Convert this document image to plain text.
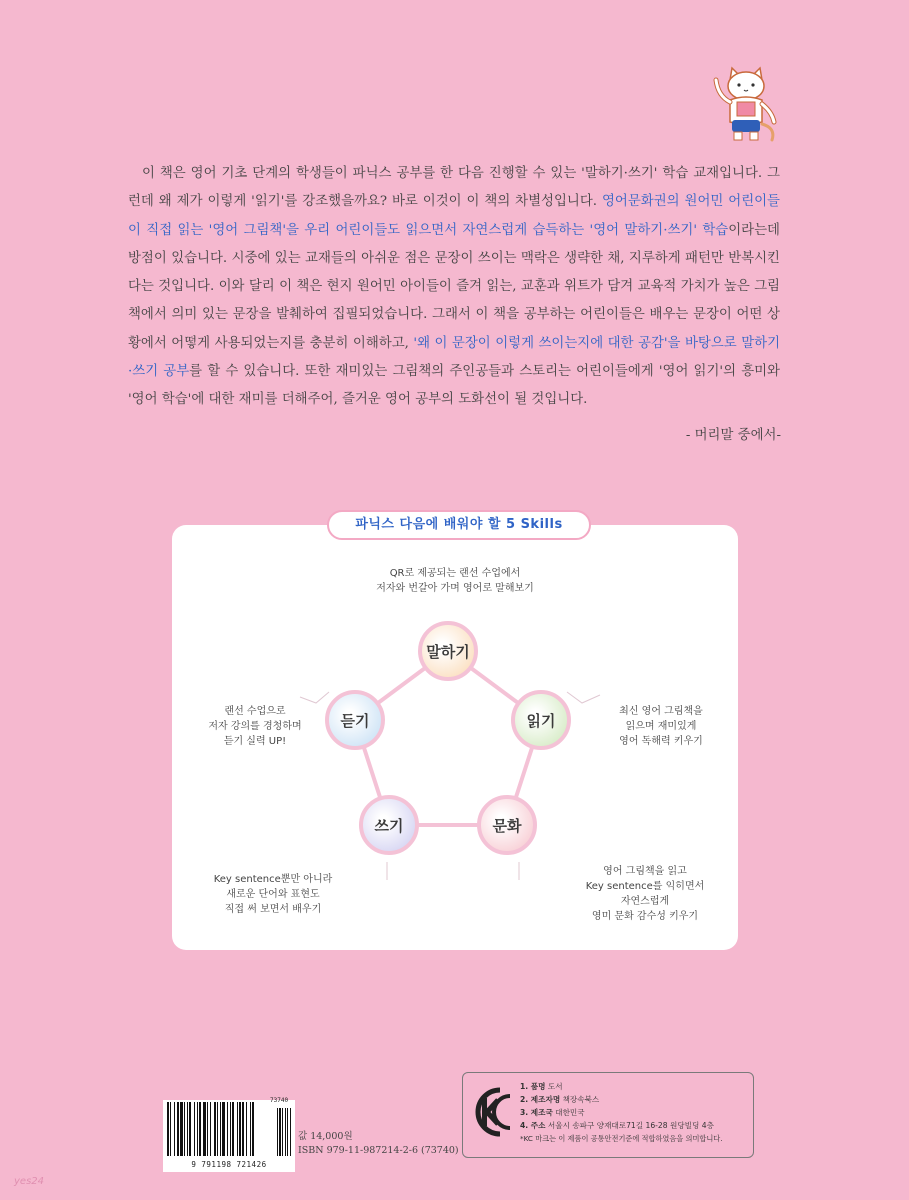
이 책은 영어 기초 단계의 학생들이 파닉스 공부를 한 다음 진행할 수 있는 '말하기·쓰기' 학습 교재입니다. 그런데 왜 제가 이렇게 '읽기'를 강조했을까요? 바로 이것이 이 책의 차별성입니다. 영어문화권의 원어민 어린이들이 직접 읽는 '영어 그림책'을 우리 어린이들도 읽으면서 자연스럽게 습득하는 '영어 말하기·쓰기' 학습이라는데 방점이 있습니다. 시중에 있는 교재들의 아쉬운 점은 문장이 쓰이는 맥락은 생략한 채, 지루하게 패턴만 반복시킨다는 것입니다. 이와 달리 이 책은 현지 원어민 아이들이 즐겨 읽는, 교훈과 위트가 담겨 교육적 가치가 높은 그림책에서 의미 있는 문장을 발췌하여 집필되었습니다. 그래서 이 책을 공부하는 어린이들은 배우는 문장이 어떤 상황에서 어떻게 사용되었는지를 충분히 이해하고, '왜 이 문장이 이렇게 쓰이는지에 대한 공감'을 바탕으로 말하기·쓰기 공부를 할 수 있습니다. 또한 재미있는 그림책의 주인공들과 스토리는 어린이들에게 '영어 읽기'의 흥미와 '영어 학습'에 대한 재미를 더해주어, 즐거운 영어 공부의 도화선이 될 것입니다.

- 머리말 중에서-
파닉스 다음에 배워야 할 5 Skills
말하기
읽기
문화
쓰기
듣기
QR로 제공되는 랜선 수업에서
저자와 번갈아 가며 영어로 말해보기
최신 영어 그림책을
읽으며 재미있게
영어 독해력 키우기
랜선 수업으로
저자 강의를 경청하며
듣기 실력 UP!
Key sentence뿐만 아니라
새로운 단어와 표현도
직접 써 보면서 배우기
영어 그림책을 읽고
Key sentence를 익히면서
자연스럽게
영미 문화 감수성 키우기
9 791198 721426
73740
값 14,000원
ISBN 979-11-987214-2-6 (73740)
1. 품명 도서
2. 제조자명 책장속북스
3. 제조국 대한민국
4. 주소 서울시 송파구 양재대로71길 16-28 원당빌딩 4층
*KC 마크는 이 제품이 공통안전기준에 적합하였음을 의미합니다.
yes24
